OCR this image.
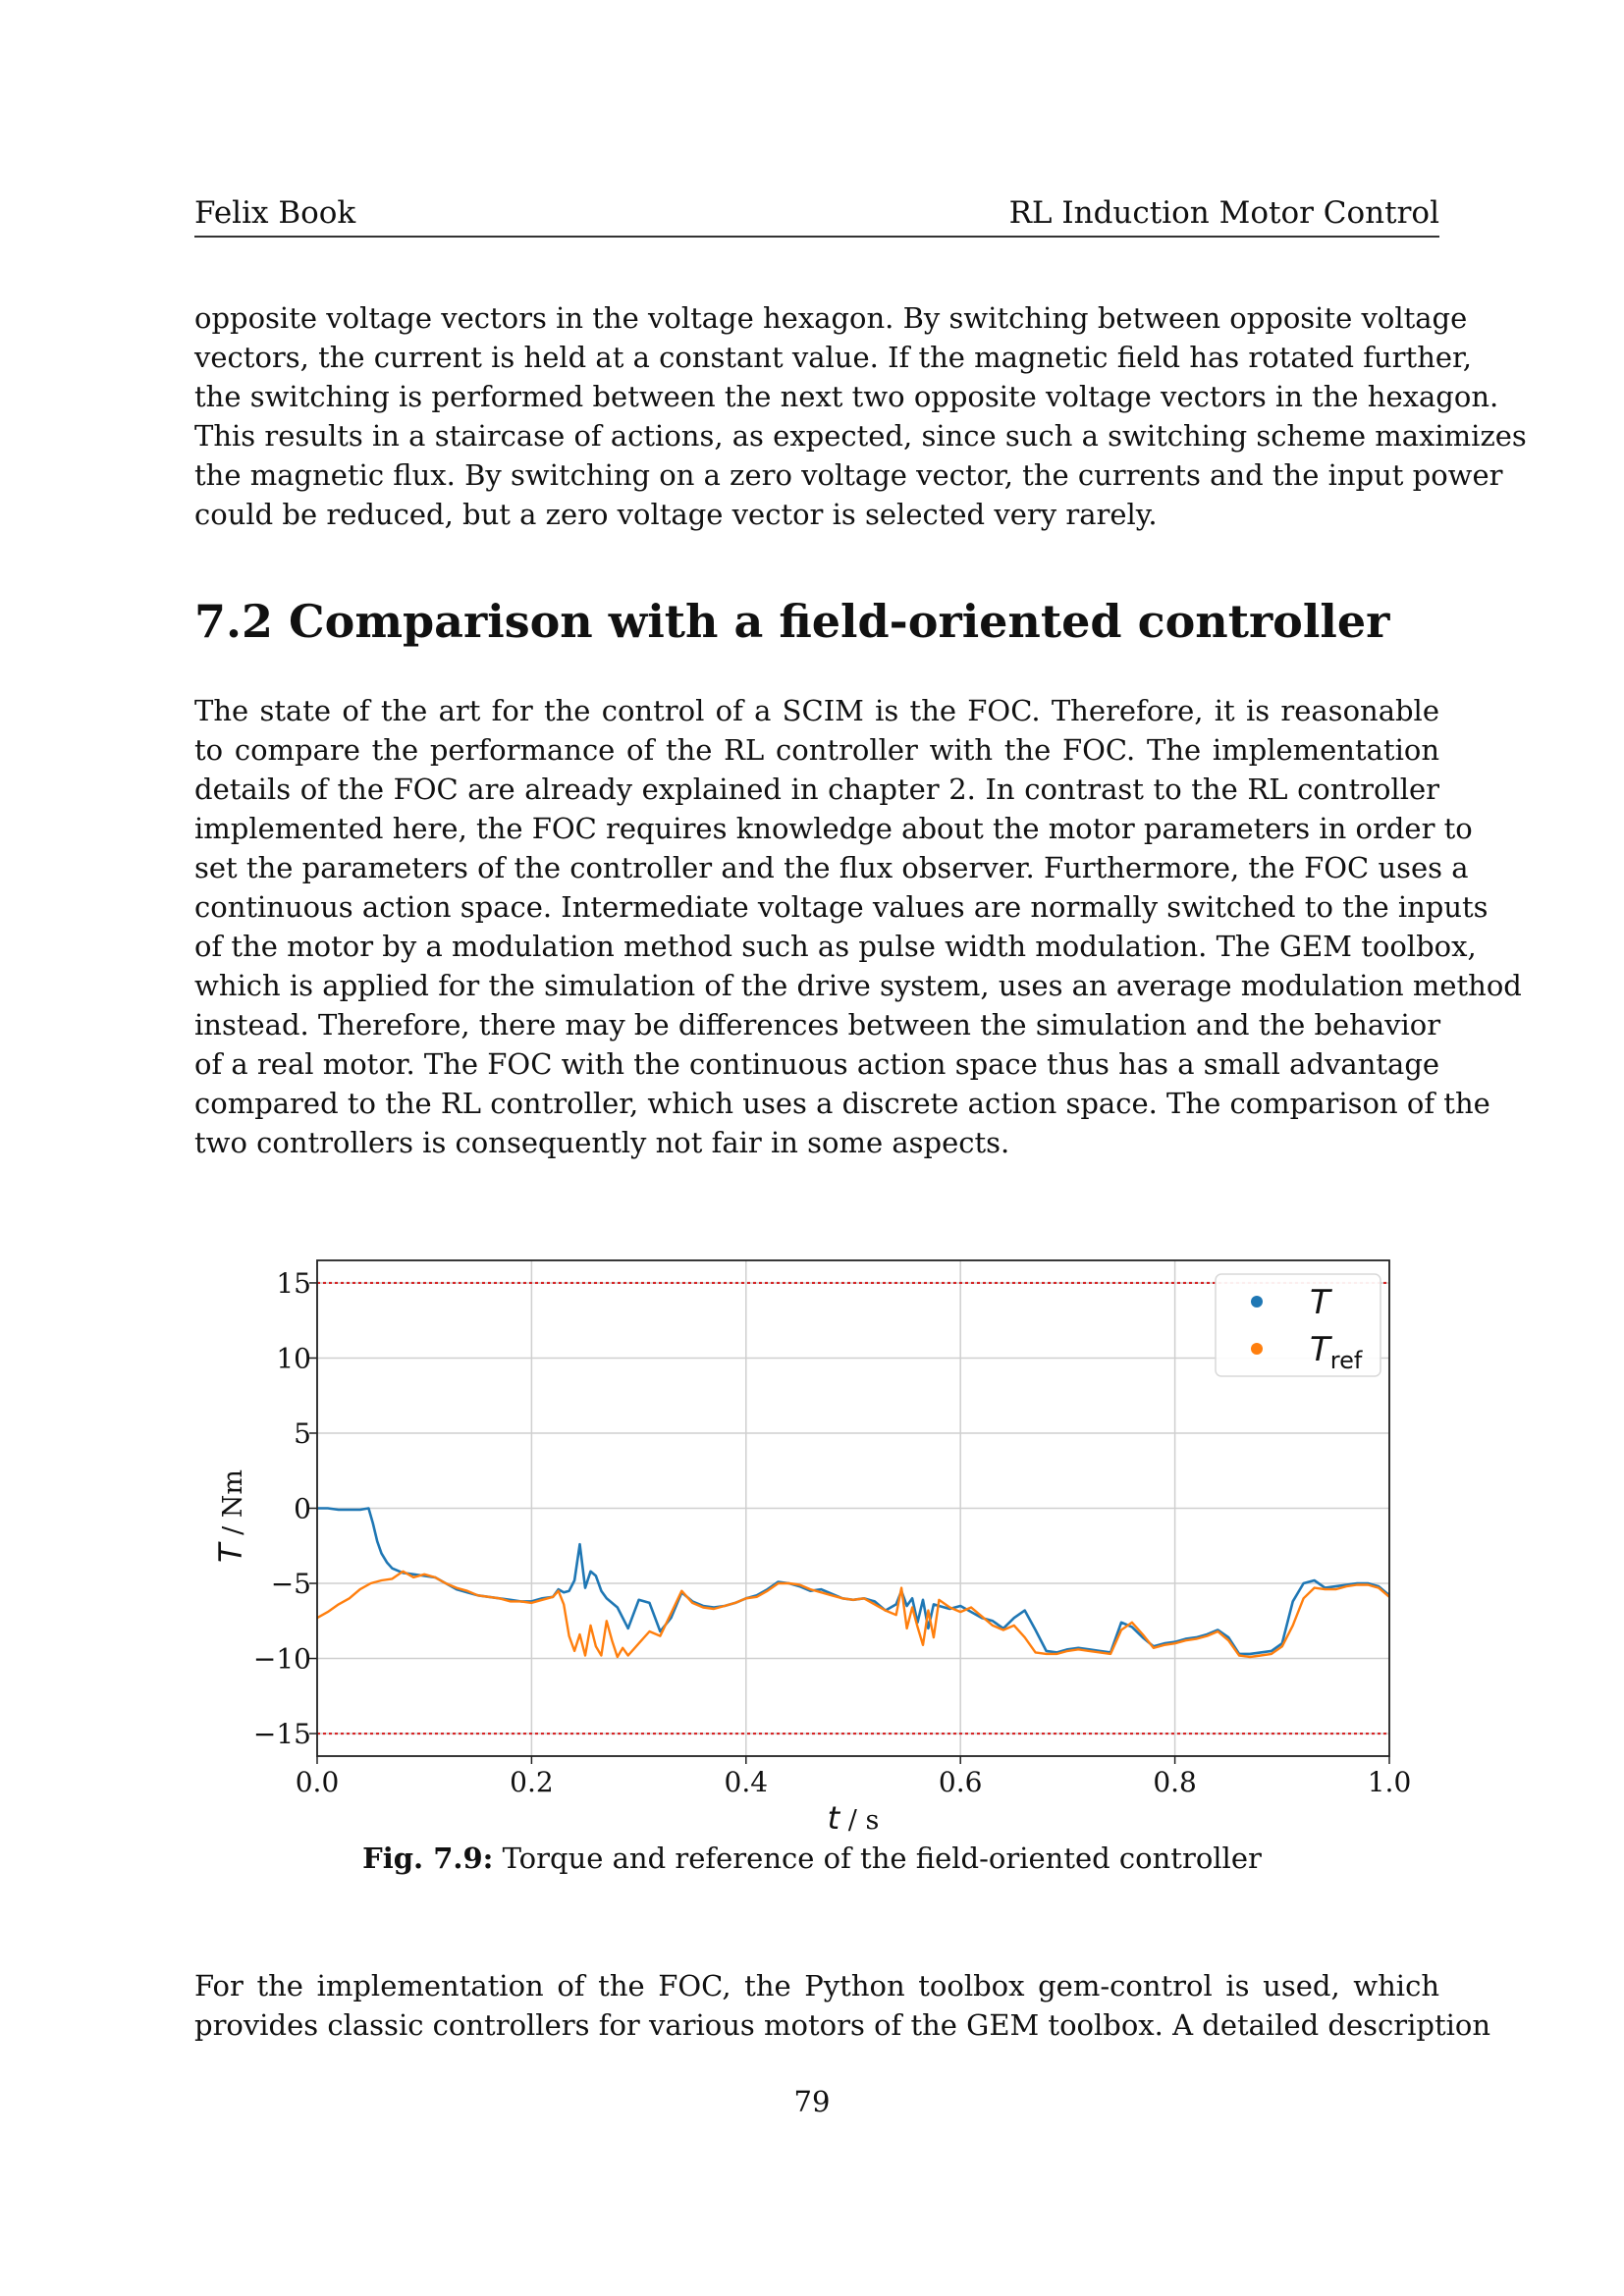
Felix Book	RL Induction Motor Control
opposite voltage vectors in the voltage hexagon. By switching between opposite voltage
vectors, the current is held at a constant value. If the magnetic field has rotated further,
the switching is performed between the next two opposite voltage vectors in the hexagon.
This results in a staircase of actions, as expected, since such a switching scheme maximizes
the magnetic flux. By switching on a zero voltage vector, the currents and the input power
could be reduced, but a zero voltage vector is selected very rarely.
7.2 Comparison with a field-oriented controller
The state of the art for the control of a SCIM is the FOC. Therefore, it is reasonable
to compare the performance of the RL controller with the FOC. The implementation
details of the FOC are already explained in chapter 2. In contrast to the RL controller
implemented here, the FOC requires knowledge about the motor parameters in order to
set the parameters of the controller and the flux observer. Furthermore, the FOC uses a
continuous action space. Intermediate voltage values are normally switched to the inputs
of the motor by a modulation method such as pulse width modulation. The GEM toolbox,
which is applied for the simulation of the drive system, uses an average modulation method
instead. Therefore, there may be differences between the simulation and the behavior
of a real motor. The FOC with the continuous action space thus has a small advantage
compared to the RL controller, which uses a discrete action space. The comparison of the
two controllers is consequently not fair in some aspects.
0.0	0.2	0.4	0.6	0.8	1.0
15
10
5
0
−5
−10
−15
t / s
T / Nm
T
$T_{ref}$
Fig. 7.9: Torque and reference of the field-oriented controller
For the implementation of the FOC, the Python toolbox gem-control is used, which
provides classic controllers for various motors of the GEM toolbox. A detailed description
79
